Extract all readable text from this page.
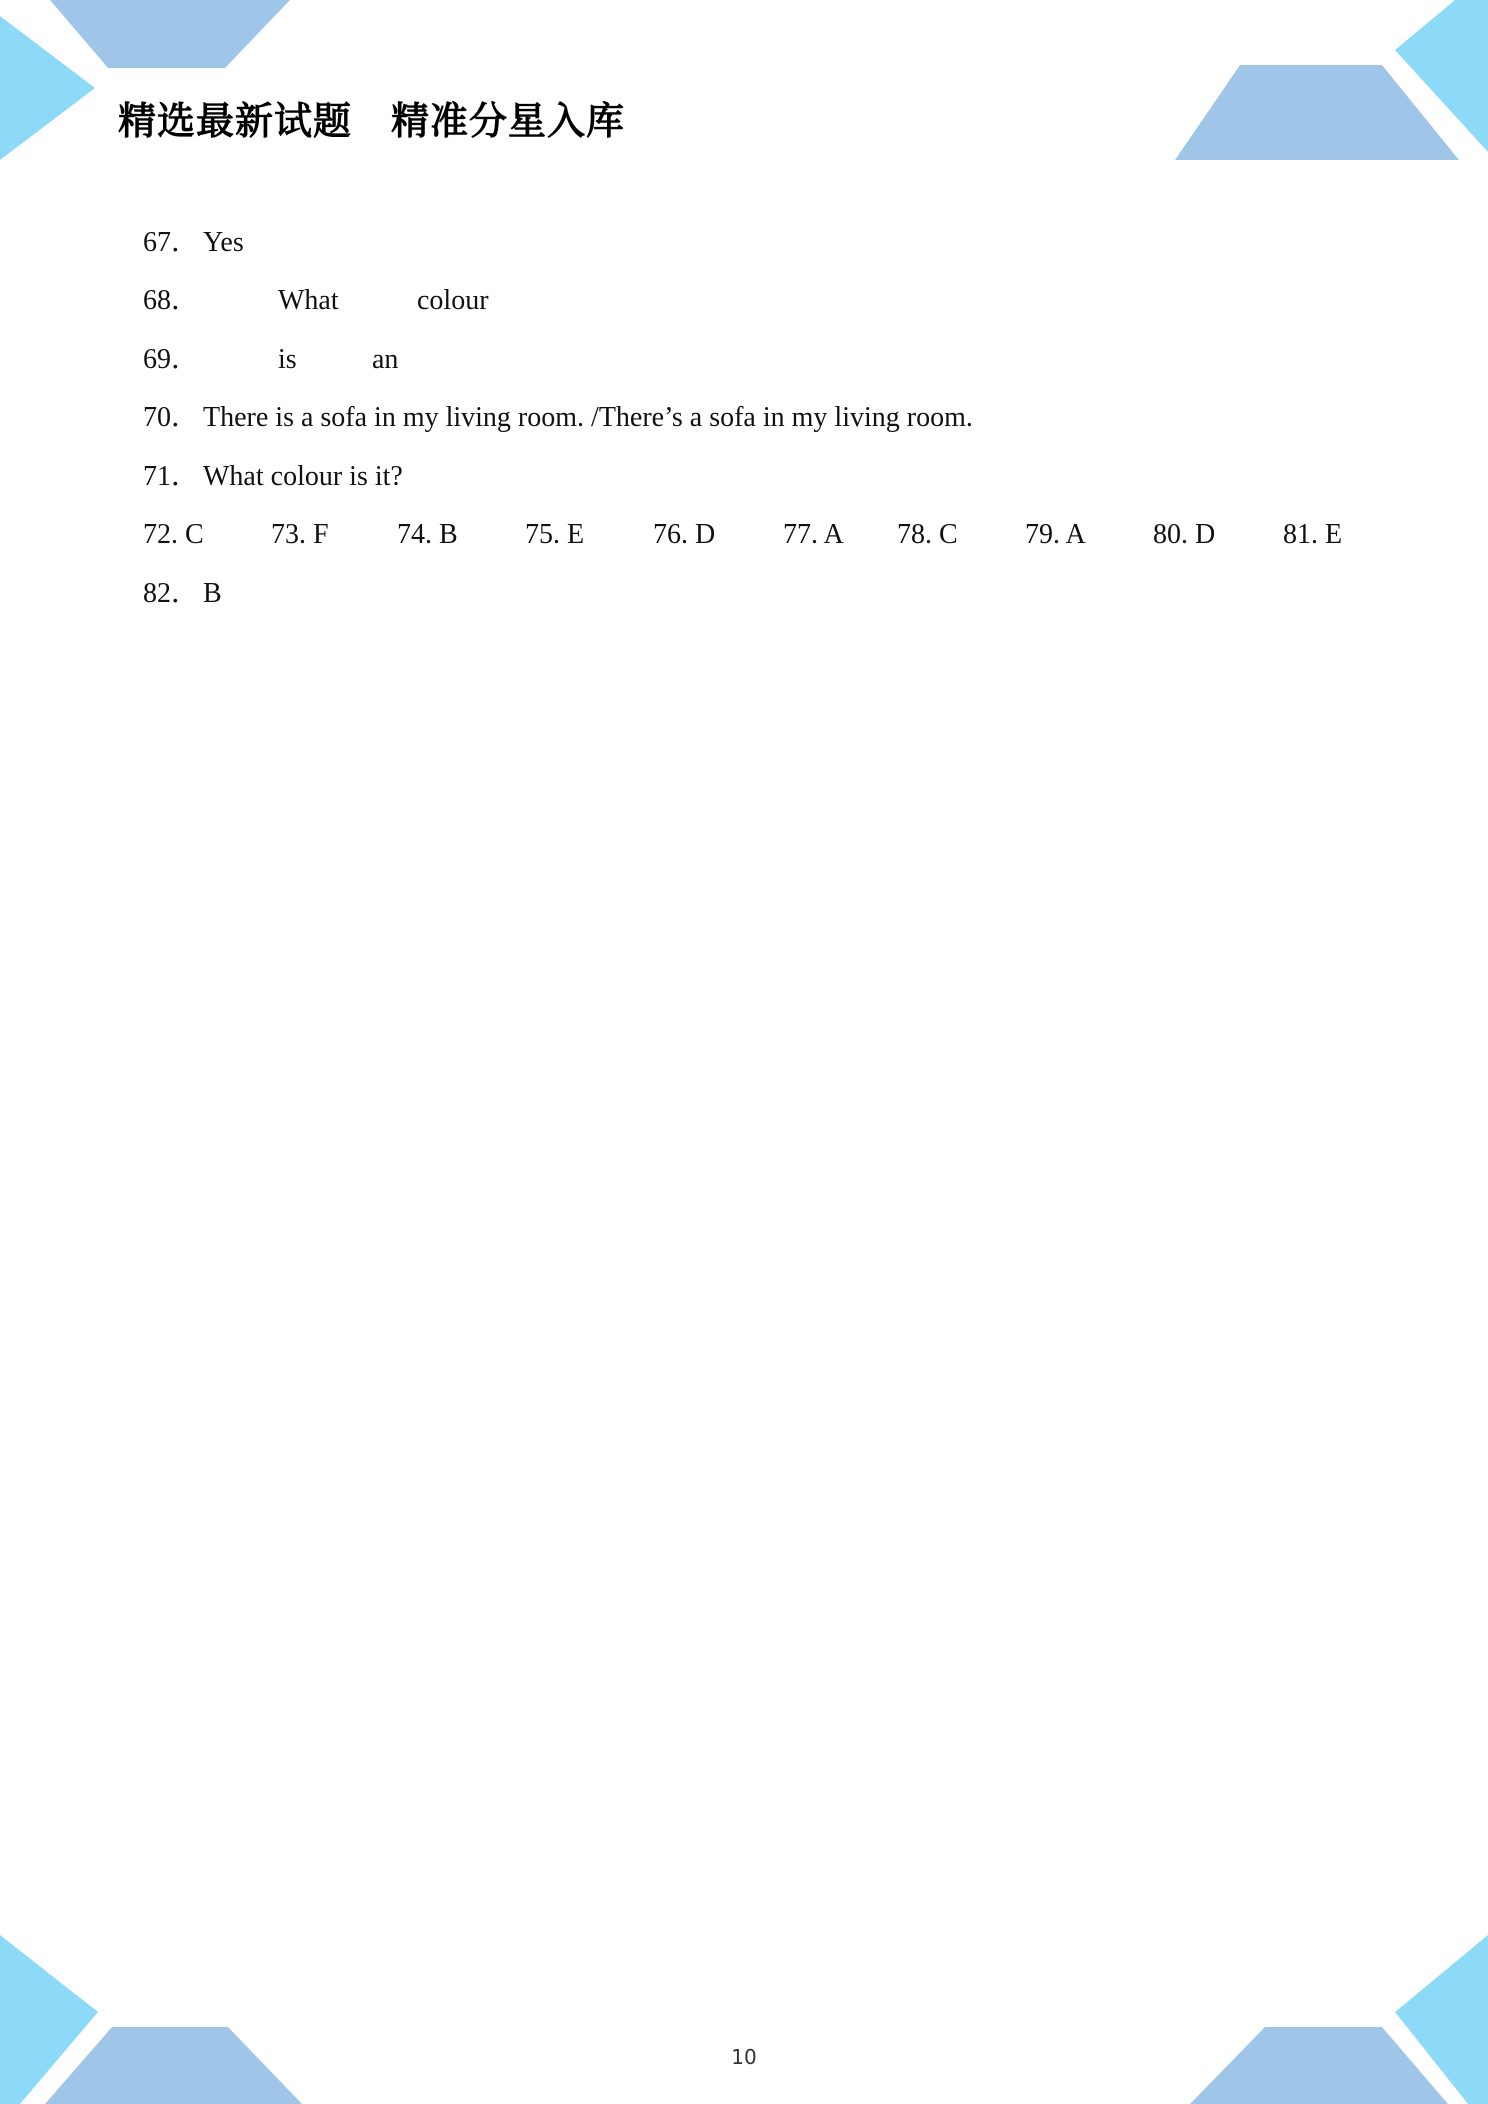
精选最新试题　精准分星入库
67． Yes
68．	What	colour
69．	is	an
70． There is a sofa in my living room. /There’s a sofa in my living room.
71． What colour is it?
72. C 73. F 74. B 75. E 76. D 77. A 78. C 79. A 80. D 81. E
82． B
10
